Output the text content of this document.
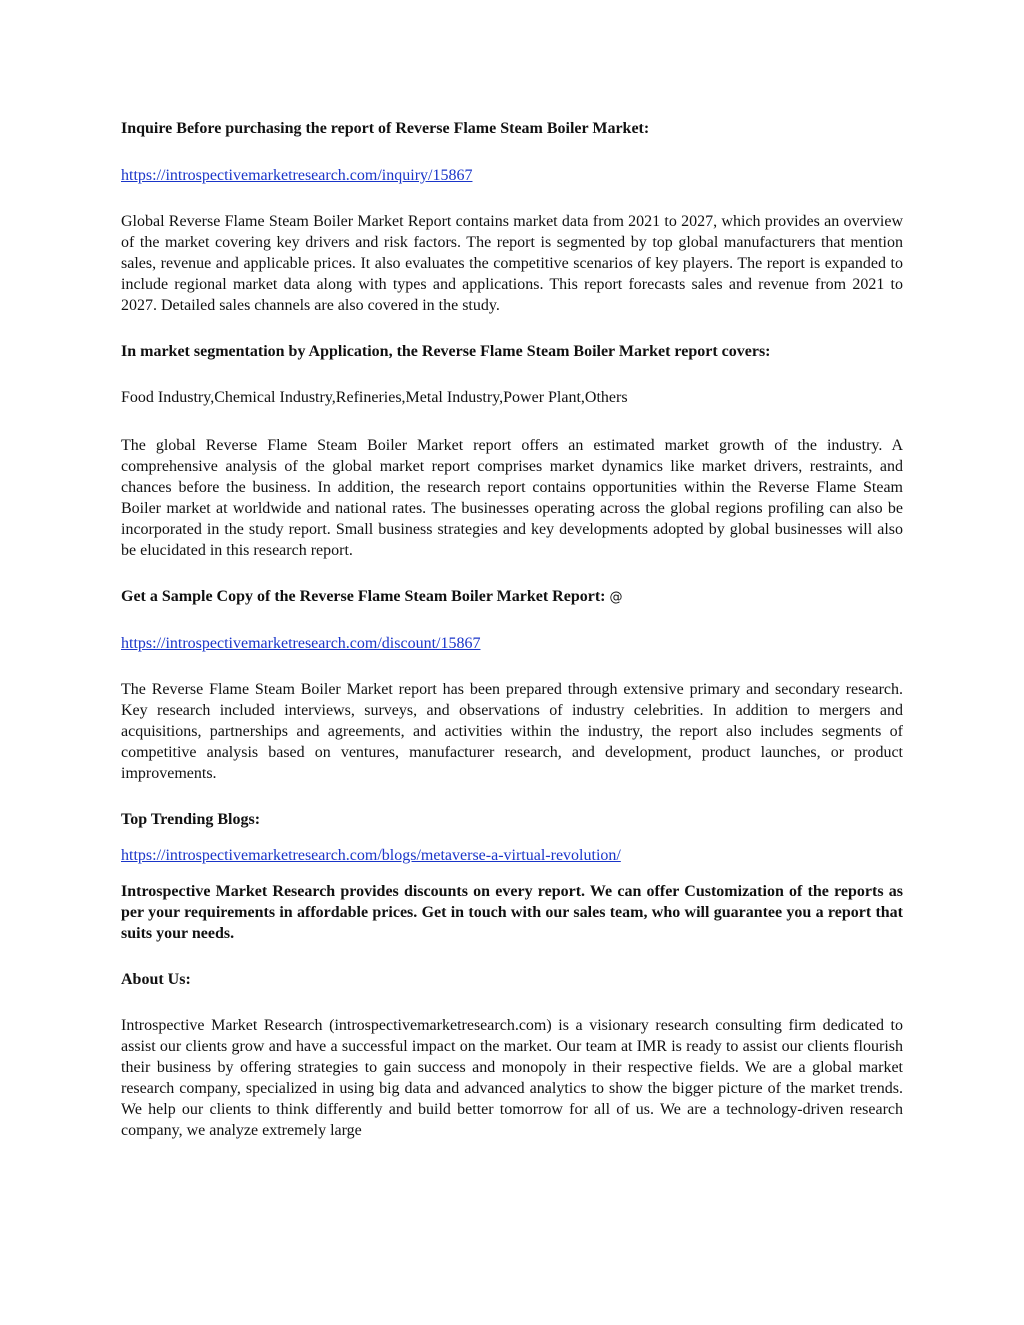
Inquire Before purchasing the report of Reverse Flame Steam Boiler Market:

https://introspectivemarketresearch.com/inquiry/15867

Global Reverse Flame Steam Boiler Market Report contains market data from 2021 to 2027, which provides an overview of the market covering key drivers and risk factors. The report is segmented by top global manufacturers that mention sales, revenue and applicable prices. It also evaluates the competitive scenarios of key players. The report is expanded to include regional market data along with types and applications. This report forecasts sales and revenue from 2021 to 2027. Detailed sales channels are also covered in the study.

In market segmentation by Application, the Reverse Flame Steam Boiler Market report covers:

Food Industry,Chemical Industry,Refineries,Metal Industry,Power Plant,Others

The global Reverse Flame Steam Boiler Market report offers an estimated market growth of the industry. A comprehensive analysis of the global market report comprises market dynamics like market drivers, restraints, and chances before the business. In addition, the research report contains opportunities within the Reverse Flame Steam Boiler market at worldwide and national rates. The businesses operating across the global regions profiling can also be incorporated in the study report. Small business strategies and key developments adopted by global businesses will also be elucidated in this research report.

Get a Sample Copy of the Reverse Flame Steam Boiler Market Report: @

https://introspectivemarketresearch.com/discount/15867

The Reverse Flame Steam Boiler Market report has been prepared through extensive primary and secondary research. Key research included interviews, surveys, and observations of industry celebrities. In addition to mergers and acquisitions, partnerships and agreements, and activities within the industry, the report also includes segments of competitive analysis based on ventures, manufacturer research, and development, product launches, or product improvements.

Top Trending Blogs:

https://introspectivemarketresearch.com/blogs/metaverse-a-virtual-revolution/

Introspective Market Research provides discounts on every report. We can offer Customization of the reports as per your requirements in affordable prices. Get in touch with our sales team, who will guarantee you a report that suits your needs.

About Us:

Introspective Market Research (introspectivemarketresearch.com) is a visionary research consulting firm dedicated to assist our clients grow and have a successful impact on the market. Our team at IMR is ready to assist our clients flourish their business by offering strategies to gain success and monopoly in their respective fields. We are a global market research company, specialized in using big data and advanced analytics to show the bigger picture of the market trends. We help our clients to think differently and build better tomorrow for all of us. We are a technology-driven research company, we analyze extremely large
